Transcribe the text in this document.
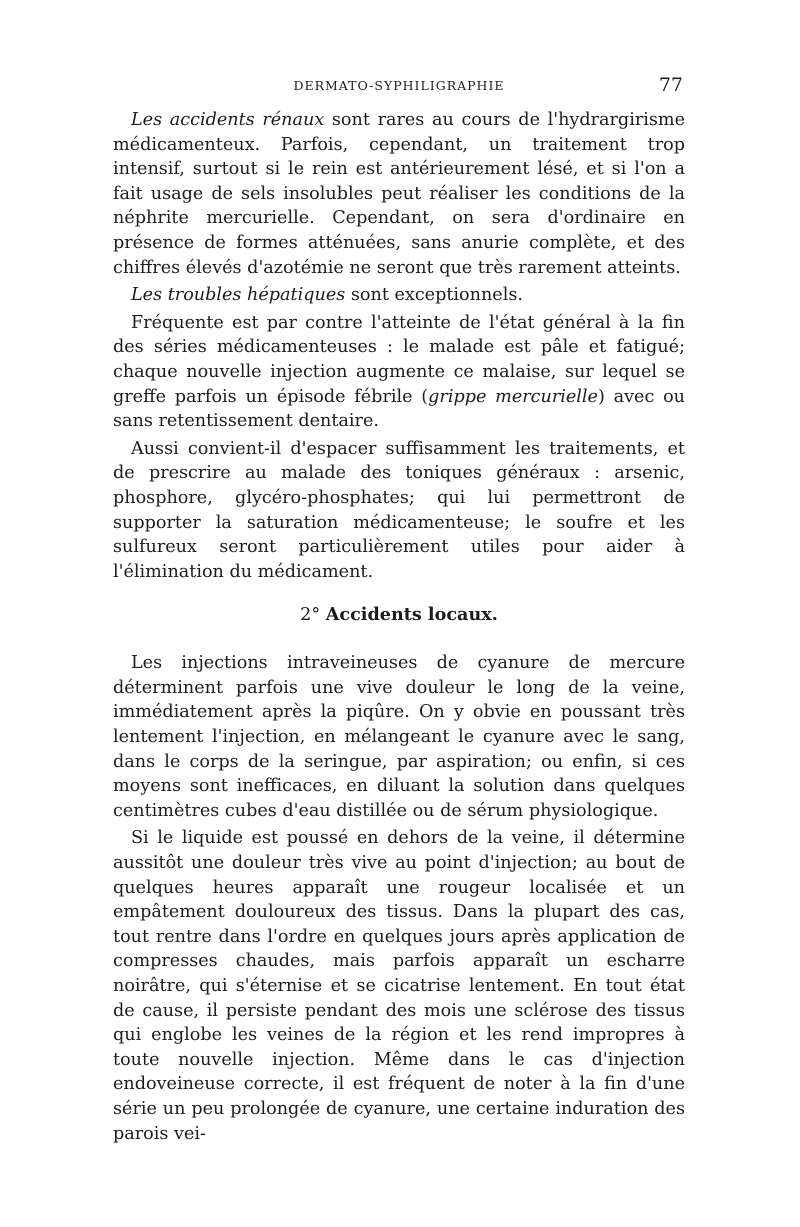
DERMATO-SYPHILIGRAPHIE	77

Les accidents rénaux sont rares au cours de l'hydrargirisme médicamenteux. Parfois, cependant, un traitement trop intensif, surtout si le rein est antérieurement lésé, et si l'on a fait usage de sels insolubles peut réaliser les conditions de la néphrite mercurielle. Cependant, on sera d'ordinaire en présence de formes atténuées, sans anurie complète, et des chiffres élevés d'azotémie ne seront que très rarement atteints.

Les troubles hépatiques sont exceptionnels.

Fréquente est par contre l'atteinte de l'état général à la fin des séries médicamenteuses : le malade est pâle et fatigué; chaque nouvelle injection augmente ce malaise, sur lequel se greffe parfois un épisode fébrile (grippe mercurielle) avec ou sans retentissement dentaire.

Aussi convient-il d'espacer suffisamment les traitements, et de prescrire au malade des toniques généraux : arsenic, phosphore, glycéro-phosphates; qui lui permettront de supporter la saturation médicamenteuse; le soufre et les sulfureux seront particulièrement utiles pour aider à l'élimination du médicament.

2° Accidents locaux.

Les injections intraveineuses de cyanure de mercure déterminent parfois une vive douleur le long de la veine, immédiatement après la piqûre. On y obvie en poussant très lentement l'injection, en mélangeant le cyanure avec le sang, dans le corps de la seringue, par aspiration; ou enfin, si ces moyens sont inefficaces, en diluant la solution dans quelques centimètres cubes d'eau distillée ou de sérum physiologique.

Si le liquide est poussé en dehors de la veine, il détermine aussitôt une douleur très vive au point d'injection; au bout de quelques heures apparaît une rougeur localisée et un empâtement douloureux des tissus. Dans la plupart des cas, tout rentre dans l'ordre en quelques jours après application de compresses chaudes, mais parfois apparaît un escharre noirâtre, qui s'éternise et se cicatrise lentement. En tout état de cause, il persiste pendant des mois une sclérose des tissus qui englobe les veines de la région et les rend impropres à toute nouvelle injection. Même dans le cas d'injection endoveineuse correcte, il est fréquent de noter à la fin d'une série un peu prolongée de cyanure, une certaine induration des parois vei-
